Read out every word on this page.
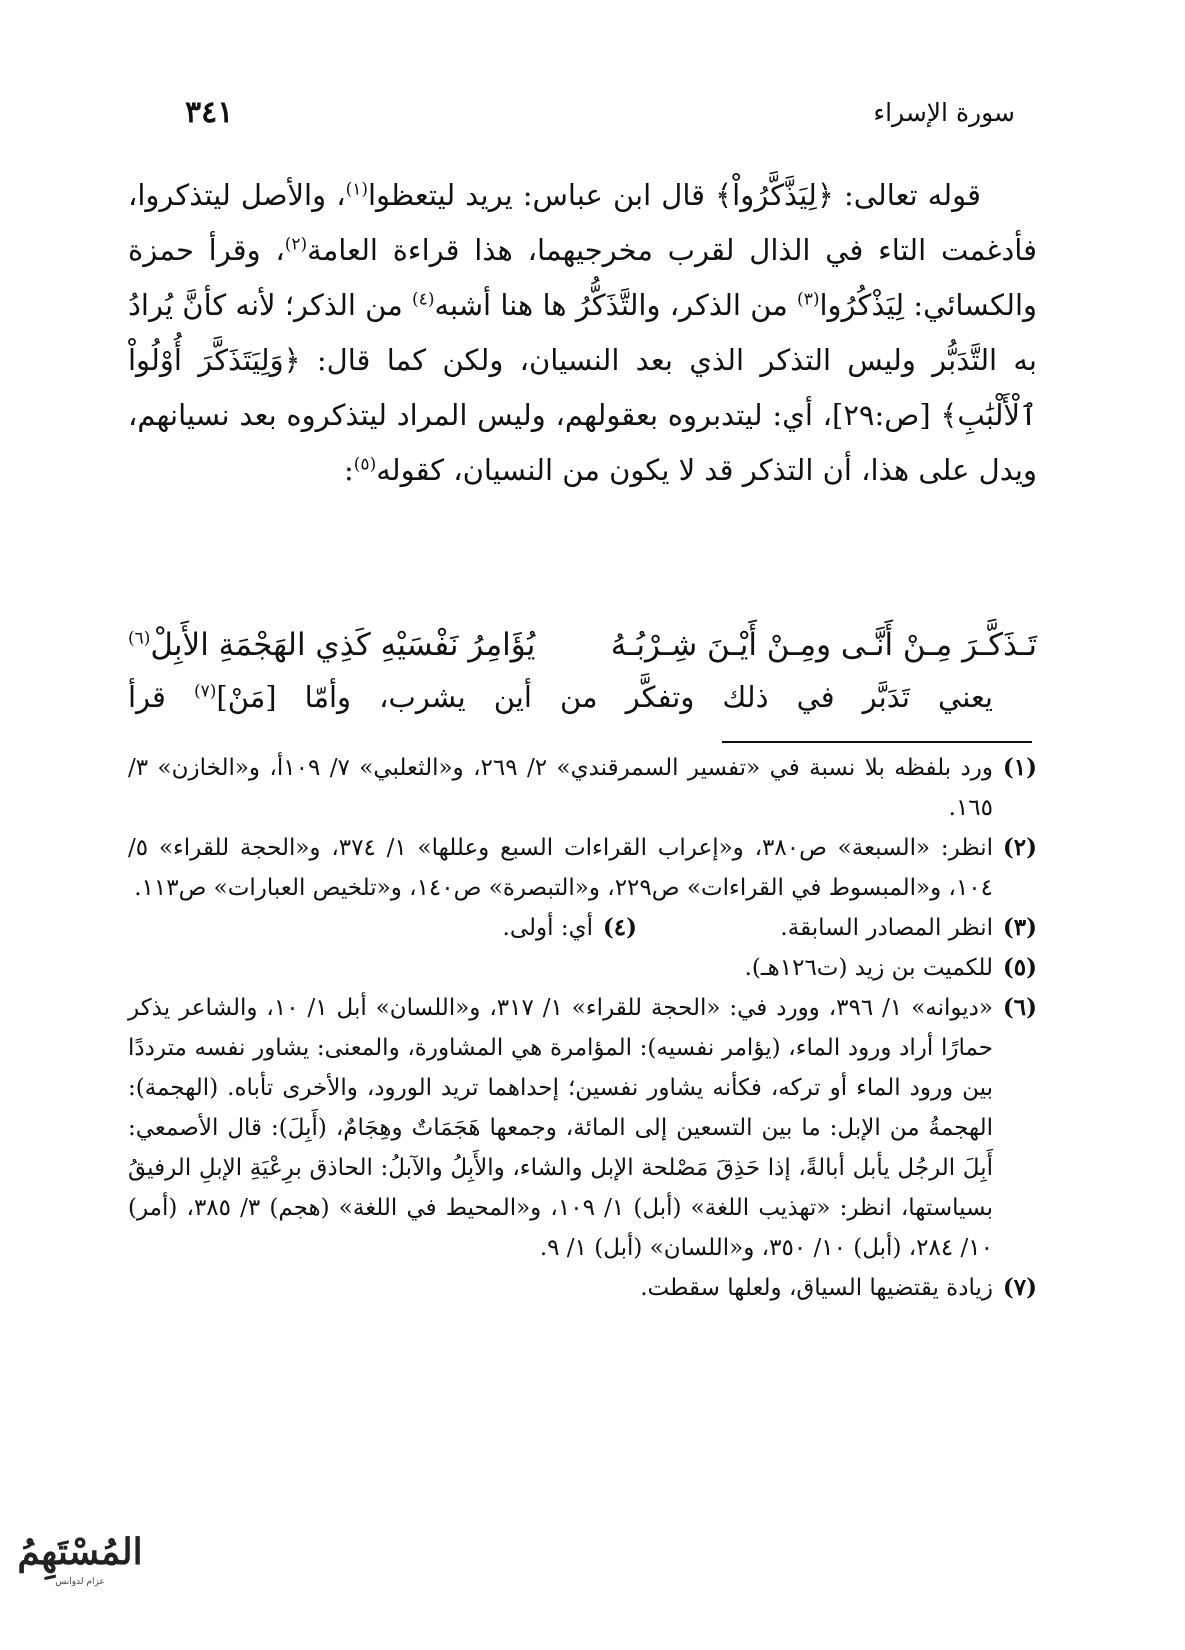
سورة الإسراء
٣٤١

قوله تعالى: ﴿لِيَذَّكَّرُواْ﴾ قال ابن عباس: يريد ليتعظوا$^{(١)}$، والأصل ليتذكروا، فأدغمت التاء في الذال لقرب مخرجيهما، هذا قراءة العامة$^{(٢)}$، وقرأ حمزة والكسائي: لِيَذْكُرُوا$^{(٣)}$ من الذكر، والتَّذَكُّرُ ها هنا أشبه$^{(٤)}$ من الذكر؛ لأنه كأنَّ يُرادُ به التَّدَبُّر وليس التذكر الذي بعد النسيان، ولكن كما قال: ﴿وَلِيَتَذَكَّرَ أُوْلُواْ ٱلْأَلْبَٰبِ﴾ [ص:٢٩]، أي: ليتدبروه بعقولهم، وليس المراد ليتذكروه بعد نسيانهم، ويدل على هذا، أن التذكر قد لا يكون من النسيان، كقوله$^{(٥)}$:

تَـذَكَّـرَ مِـنْ أَنَّـى ومِـنْ أَيْـنَ شِـرْبُـهُ
يُؤَامِرُ نَفْسَيْهِ كَذِي الهَجْمَةِ الأَبِلْ$^{(٦)}$
يعني تَدَبَّر في ذلك وتفكَّر من أين يشرب، وأمّا [مَنْ]$^{(٧)}$ قرأ
(١)
ورد بلفظه بلا نسبة في «تفسير السمرقندي» ٢/ ٢٦٩، و«الثعلبي» ٧/ ١٠٩أ، و«الخازن» ٣/ ١٦٥.
(٢)
انظر: «السبعة» ص٣٨٠، و«إعراب القراءات السبع وعللها» ١/ ٣٧٤، و«الحجة للقراء» ٥/ ١٠٤، و«المبسوط في القراءات» ص٢٢٩، و«التبصرة» ص١٤٠، و«تلخيص العبارات» ص١١٣.
(٣)
انظر المصادر السابقة.
(٤)
أي: أولى.
(٥)
للكميت بن زيد (ت١٢٦هـ).
(٦)
«ديوانه» ١/ ٣٩٦، وورد في: «الحجة للقراء» ١/ ٣١٧، و«اللسان» أبل ١/ ١٠، والشاعر يذكر حمارًا أراد ورود الماء، (يؤامر نفسيه): المؤامرة هي المشاورة، والمعنى: يشاور نفسه مترددًا بين ورود الماء أو تركه، فكأنه يشاور نفسين؛ إحداهما تريد الورود، والأخرى تأباه. (الهجمة): الهجمةُ من الإبل: ما بين التسعين إلى المائة، وجمعها هَجَمَاتٌ وهِجَامٌ، (أَبِلَ): قال الأصمعي: أَبِلَ الرجُل يأبل أبالةً، إذا حَذِقَ مَصْلحة الإبل والشاء، والأَبِلُ والآبلُ: الحاذق برِعْيَةِ الإبلِ الرفيقُ بسياستها، انظر: «تهذيب اللغة» (أبل) ١/ ١٠٩، و«المحيط في اللغة» (هجم) ٣/ ٣٨٥، (أمر) ١٠/ ٢٨٤، (أبل) ١٠/ ٣٥٠، و«اللسان» (أبل) ١/ ٩.
(٧)
زيادة يقتضيها السياق، ولعلها سقطت.
المُسْتَهِمُ
عزام لدوانس
